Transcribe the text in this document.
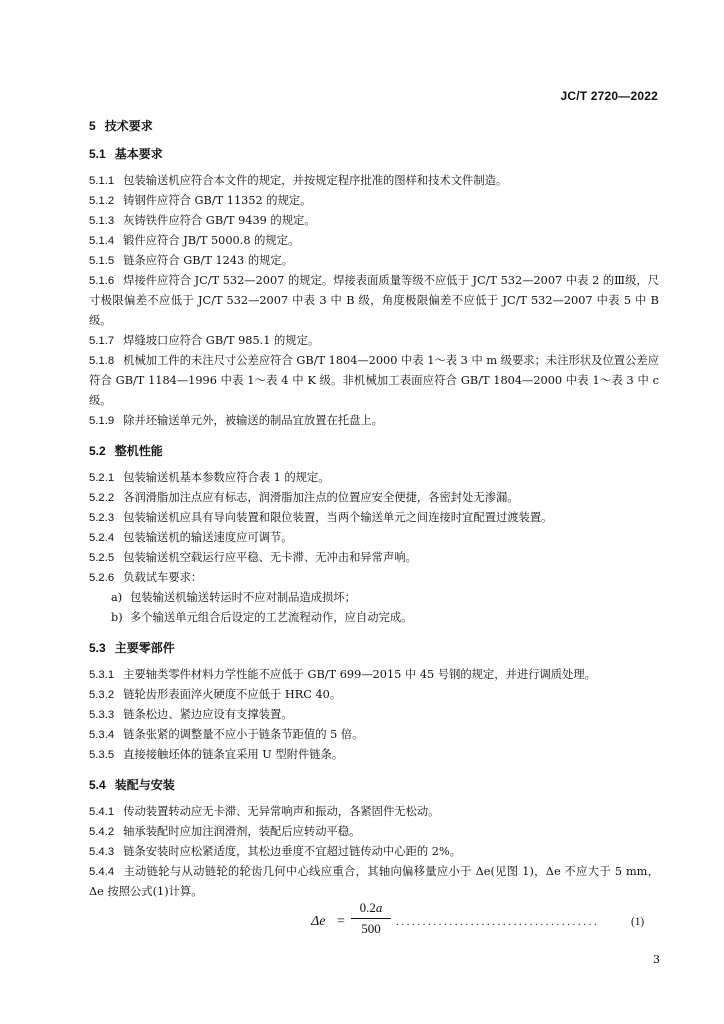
JC/T 2720—2022
5 技术要求
5.1 基本要求
5.1.1 包装输送机应符合本文件的规定，并按规定程序批准的图样和技术文件制造。
5.1.2 铸钢件应符合 GB/T 11352 的规定。
5.1.3 灰铸铁件应符合 GB/T 9439 的规定。
5.1.4 锻件应符合 JB/T 5000.8 的规定。
5.1.5 链条应符合 GB/T 1243 的规定。
5.1.6 焊接件应符合 JC/T 532—2007 的规定。焊接表面质量等级不应低于 JC/T 532—2007 中表 2 的Ⅲ级，尺寸极限偏差不应低于 JC/T 532—2007 中表 3 中 B 级，角度极限偏差不应低于 JC/T 532—2007 中表 5 中 B 级。
5.1.7 焊缝坡口应符合 GB/T 985.1 的规定。
5.1.8 机械加工件的未注尺寸公差应符合 GB/T 1804—2000 中表 1～表 3 中 m 级要求；未注形状及位置公差应符合 GB/T 1184—1996 中表 1～表 4 中 K 级。非机械加工表面应符合 GB/T 1804—2000 中表 1～表 3 中 c 级。
5.1.9 除并坯输送单元外，被输送的制品宜放置在托盘上。
5.2 整机性能
5.2.1 包装输送机基本参数应符合表 1 的规定。
5.2.2 各润滑脂加注点应有标志，润滑脂加注点的位置应安全便捷，各密封处无渗漏。
5.2.3 包装输送机应具有导向装置和限位装置，当两个输送单元之间连接时宜配置过渡装置。
5.2.4 包装输送机的输送速度应可调节。
5.2.5 包装输送机空载运行应平稳、无卡滞、无冲击和异常声响。
5.2.6 负载试车要求：
a) 包装输送机输送转运时不应对制品造成损坏；
b) 多个输送单元组合后设定的工艺流程动作，应自动完成。
5.3 主要零部件
5.3.1 主要轴类零件材料力学性能不应低于 GB/T 699—2015 中 45 号钢的规定，并进行调质处理。
5.3.2 链轮齿形表面淬火硬度不应低于 HRC 40。
5.3.3 链条松边、紧边应设有支撑装置。
5.3.4 链条张紧的调整量不应小于链条节距值的 5 倍。
5.3.5 直接接触坯体的链条宜采用 U 型附件链条。
5.4 装配与安装
5.4.1 传动装置转动应无卡滞、无异常响声和振动，各紧固件无松动。
5.4.2 轴承装配时应加注润滑剂，装配后应转动平稳。
5.4.3 链条安装时应松紧适度，其松边垂度不宜超过链传动中心距的 2%。
5.4.4 主动链轮与从动链轮的轮齿几何中心线应重合，其轴向偏移量应小于 Δe(见图 1)，Δe 不应大于 5 mm，Δe 按照公式(1)计算。
$\Delta e = \frac{0.2a}{500}$ ......................................	(1)
3
